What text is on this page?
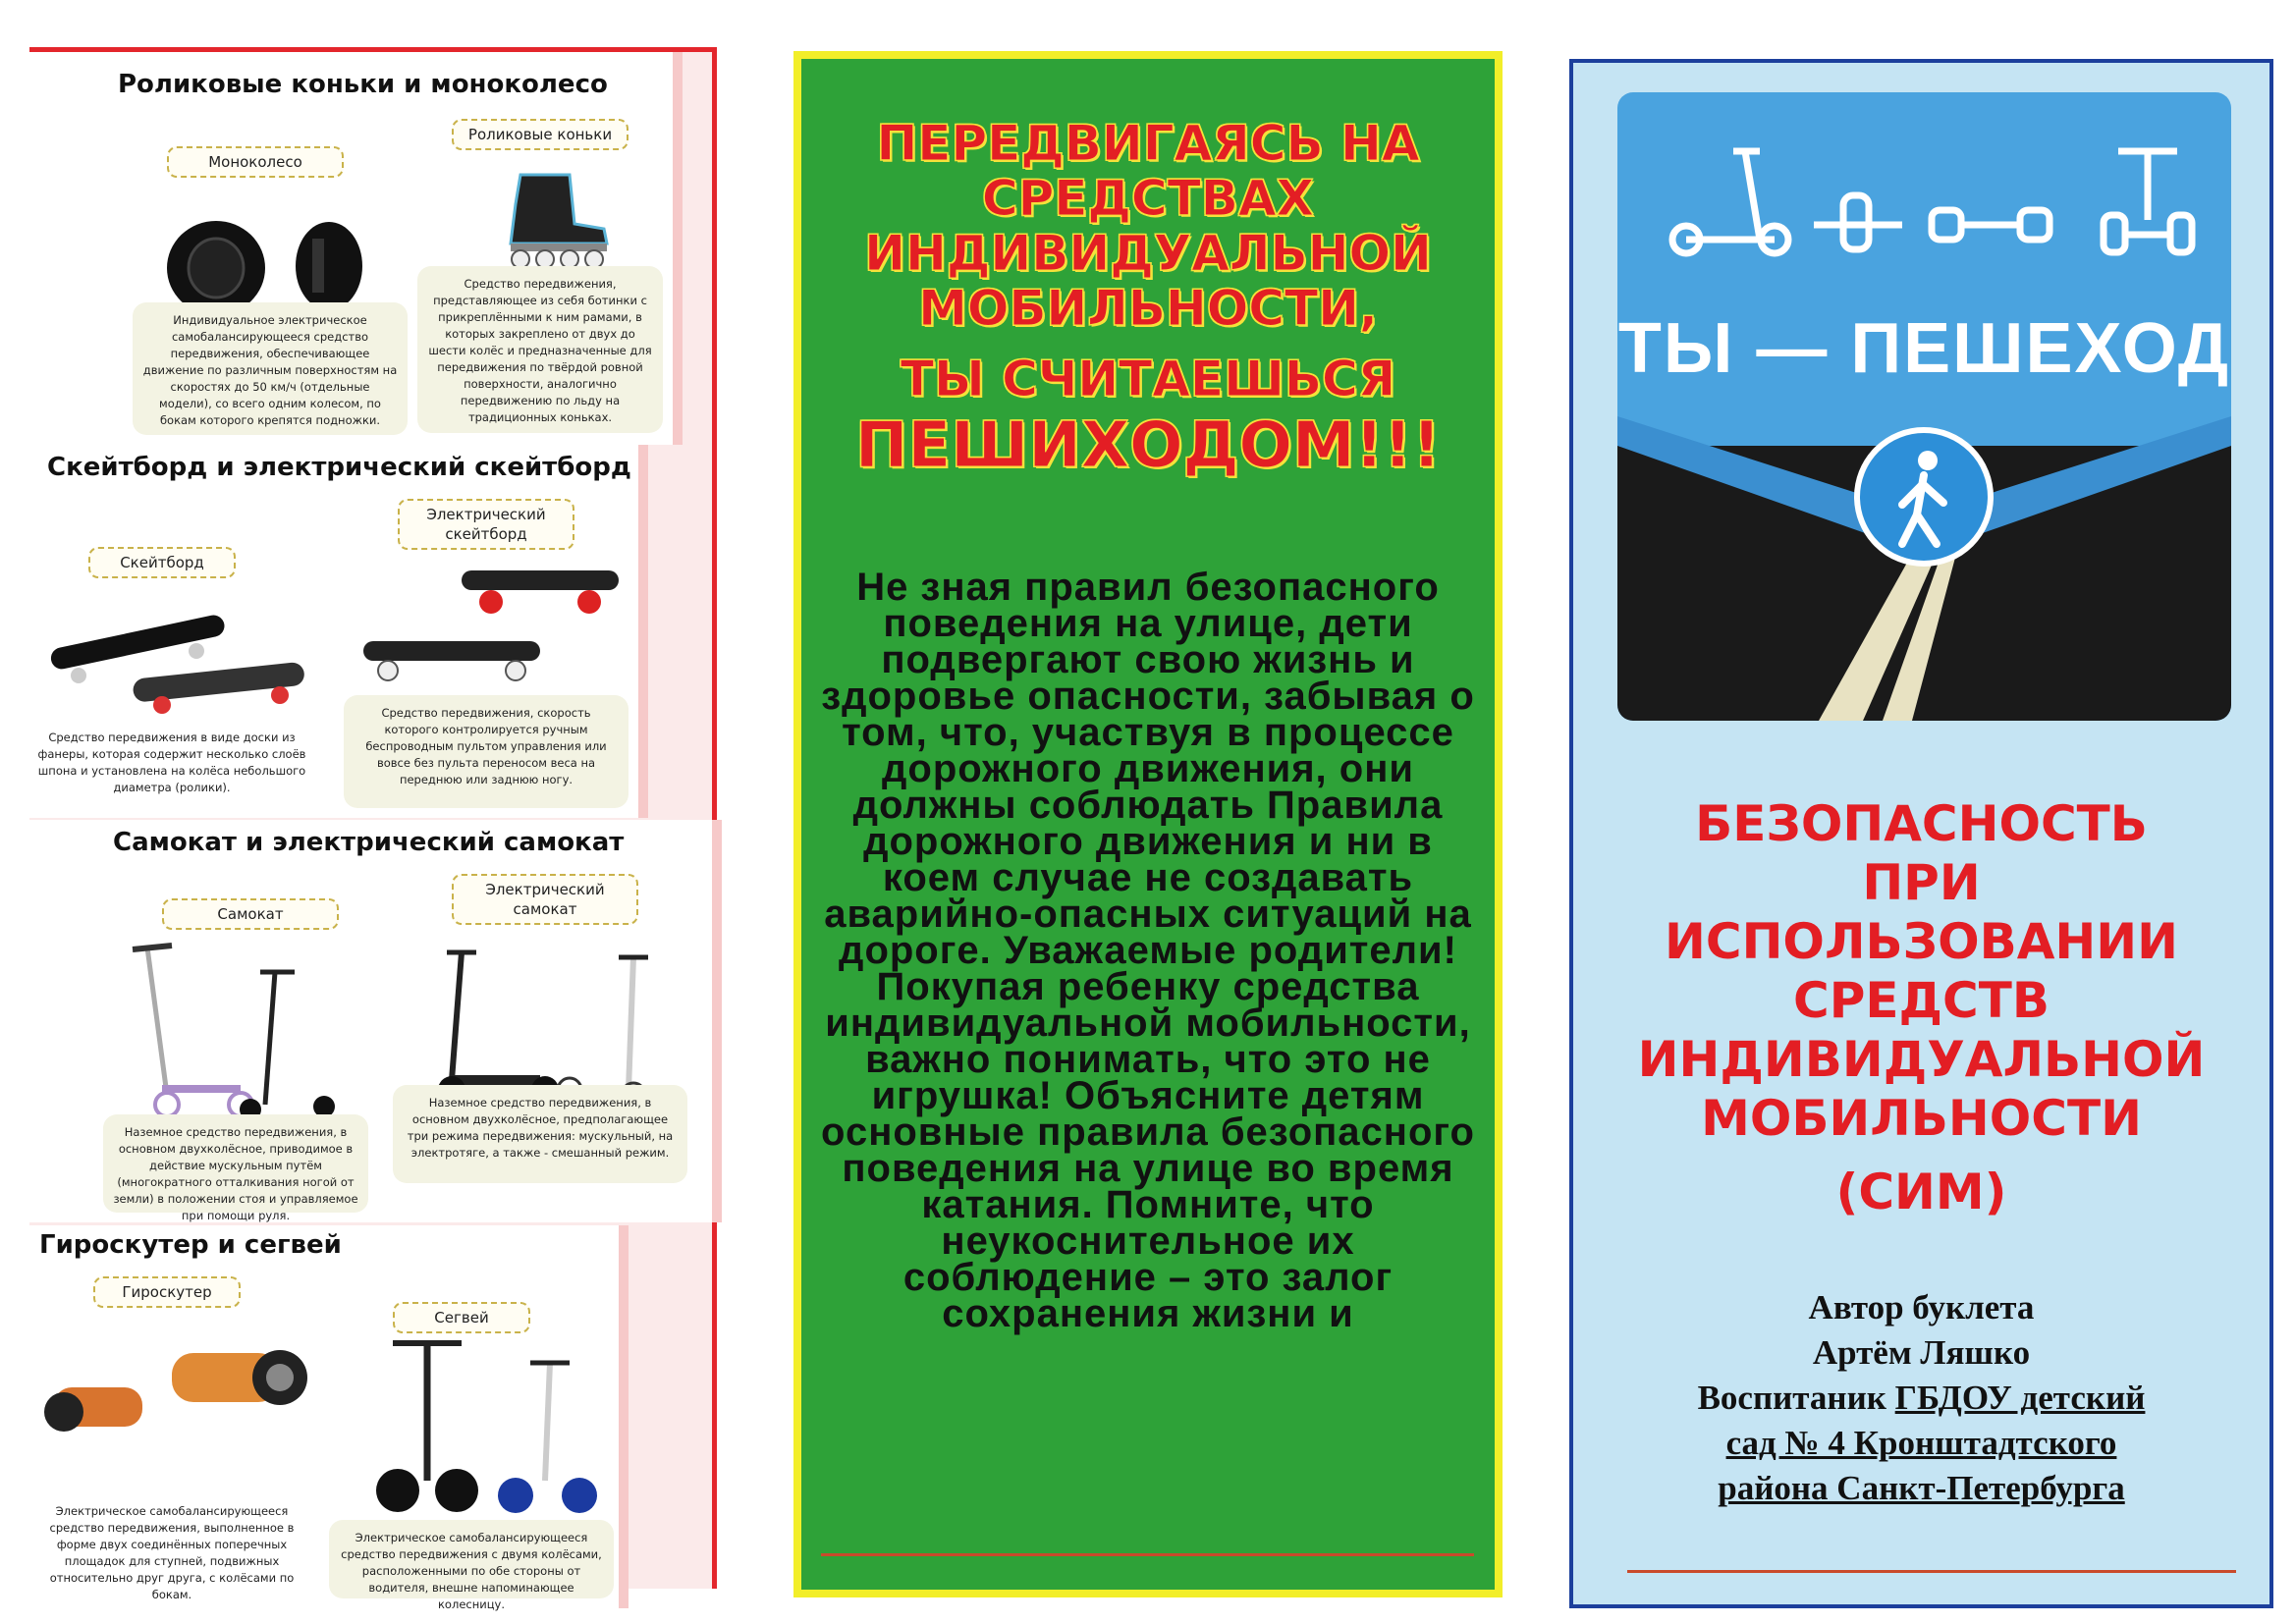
Роликовые коньки и моноколесо
Моноколесо
Роликовые коньки
Индивидуальное электрическое самобалансирующееся средство передвижения, обеспечивающее движение по различным поверхностям на скоростях до 50 км/ч (отдельные модели), со всего одним колесом, по бокам которого крепятся подножки.
Средство передвижения, представляющее из себя ботинки с прикреплёнными к ним рамами, в которых закреплено от двух до шести колёс и предназначенные для передвижения по твёрдой ровной поверхности, аналогично передвижению по льду на традиционных коньках.
Скейтборд и электрический скейтборд
Скейтборд
Электрический скейтборд
Средство передвижения в виде доски из фанеры, которая содержит несколько слоёв шпона и установлена на колёса небольшого диаметра (ролики).
Средство передвижения, скорость которого контролируется ручным беспроводным пультом управления или вовсе без пульта переносом веса на переднюю или заднюю ногу.
Самокат и электрический самокат
Самокат
Электрический самокат
Наземное средство передвижения, в основном двухколёсное, приводимое в действие мускульным путём (многократного отталкивания ногой от земли) в положении стоя и управляемое при помощи руля.
Наземное средство передвижения, в основном двухколёсное, предполагающее три режима передвижения: мускульный, на электротяге, а также - смешанный режим.
Гироскутер и сегвей
Гироскутер
Сегвей
Электрическое самобалансирующееся средство передвижения, выполненное в форме двух соединённых поперечных площадок для ступней, подвижных относительно друг друга, с колёсами по бокам.
Электрическое самобалансирующееся средство передвижения с двумя колёсами, расположенными по обе стороны от водителя, внешне напоминающее колесницу.
ПЕРЕДВИГАЯСЬ НА СРЕДСТВАХ ИНДИВИДУАЛЬНОЙ МОБИЛЬНОСТИ,
ТЫ СЧИТАЕШЬСЯ
ПЕШИХОДОМ!!!
Не зная правил безопасного поведения на улице, дети подвергают свою жизнь и здоровье опасности, забывая о том, что, участвуя в процессе дорожного движения, они должны соблюдать Правила дорожного движения и ни в коем случае не создавать аварийно-опасных ситуаций на дороге. Уважаемые родители! Покупая ребенку средства индивидуальной мобильности, важно понимать, что это не игрушка! Объясните детям основные правила безопасного поведения на улице во время катания. Помните, что неукоснительное их соблюдение – это залог сохранения жизни и
ТЫ — ПЕШЕХОД
БЕЗОПАСНОСТЬ
ПРИ
ИСПОЛЬЗОВАНИИ
СРЕДСТВ
ИНДИВИДУАЛЬНОЙ
МОБИЛЬНОСТИ
(СИМ)
Автор буклета
Артём Ляшко
Воспитаник ГБДОУ детский
сад № 4 Кронштадтского
района Санкт-Петербурга
